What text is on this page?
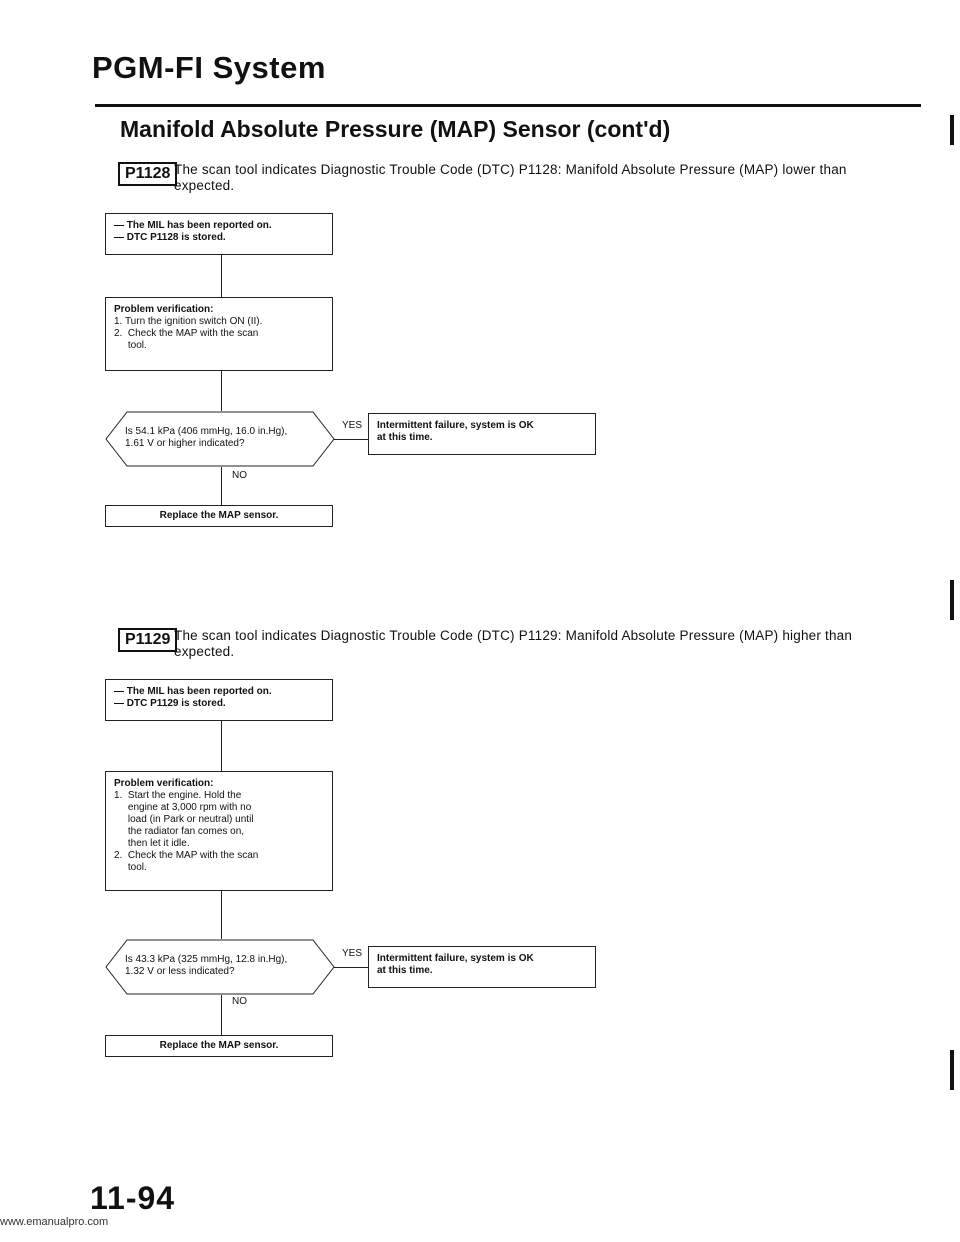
PGM-FI System
Manifold Absolute Pressure (MAP) Sensor (cont'd)
P1128 The scan tool indicates Diagnostic Trouble Code (DTC) P1128: Manifold Absolute Pressure (MAP) lower than
expected.
— The MIL has been reported on.
— DTC P1128 is stored.
Problem verification:
1. Turn the ignition switch ON (II).
2.  Check the MAP with the scan
tool.
Is 54.1 kPa (406 mmHg, 16.0 in.Hg),
1.61 V or higher indicated?
YES Intermittent failure, system is OK
at this time.
NO
Replace the MAP sensor.
P1129 The scan tool indicates Diagnostic Trouble Code (DTC) P1129: Manifold Absolute Pressure (MAP) higher than
expected.
— The MIL has been reported on.
— DTC P1129 is stored.
Problem verification:
1.  Start the engine. Hold the
engine at 3,000 rpm with no
load (in Park or neutral) until
the radiator fan comes on,
then let it idle.
2.  Check the MAP with the scan
tool.
Is 43.3 kPa (325 mmHg, 12.8 in.Hg),
1.32 V or less indicated?
YES Intermittent failure, system is OK
at this time.
NO
Replace the MAP sensor.
11-94
www.emanualpro.com
